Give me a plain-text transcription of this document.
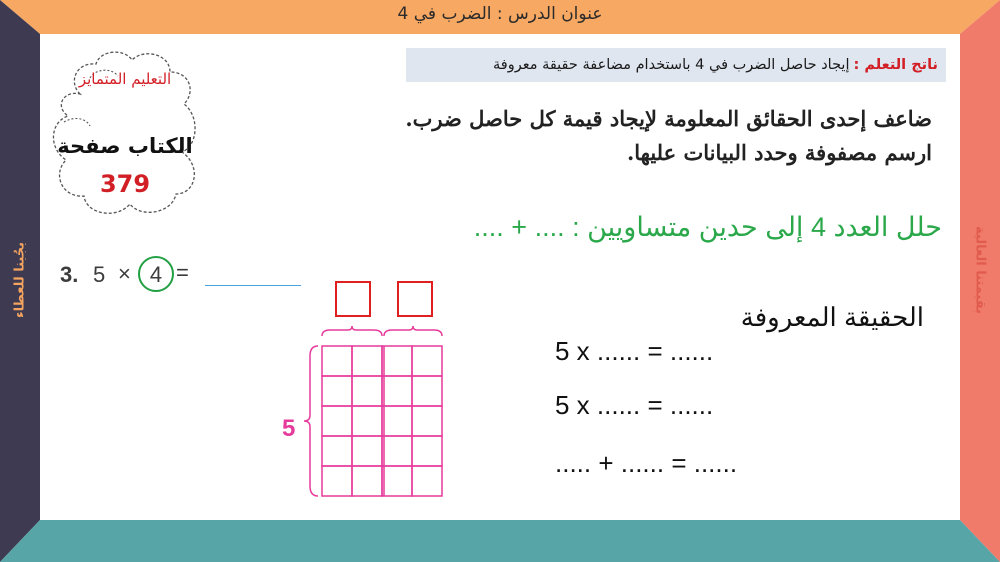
عنوان الدرس : الضرب في 4
ناتج التعلم :
إيجاد حاصل الضرب في 4 باستخدام مضاعفة حقيقة معروفة
بجُبنا للعطاء	بقيمتنا العالية
التعليم المتمايز
الكتاب صفحة
379
ضاعف إحدى الحقائق المعلومة لإيجاد قيمة كل حاصل ضرب.
ارسم مصفوفة وحدد البيانات عليها.
حلل العدد 4 إلى حدين متساويين : .... + ....
3. 5 × 4 =
5
الحقيقة المعروفة
5 x ...... = ......
5 x ...... = ......
..... + ...... = ......
